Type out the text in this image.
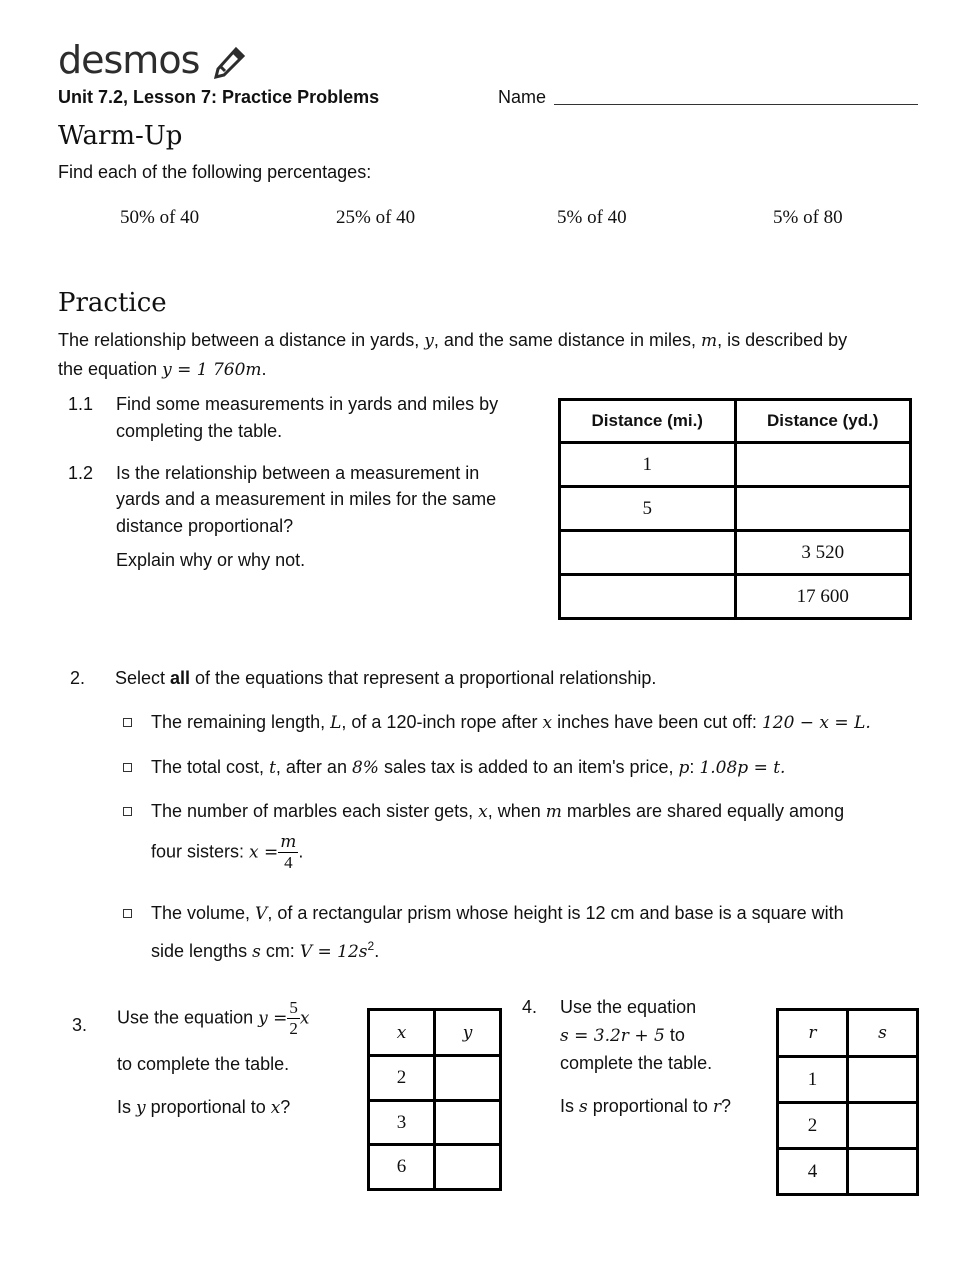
desmos
Unit 7.2, Lesson 7: Practice Problems	Name
Warm-Up
Find each of the following percentages:
50% of 40	25% of 40	5% of 40	5% of 80
Practice
The relationship between a distance in yards, y, and the same distance in miles, m, is described by
the equation y = 1 760m.
1.1 Find some measurements in yards and miles by
completing the table.
1.2 Is the relationship between a measurement in
yards and a measurement in miles for the same
distance proportional?
Explain why or why not.
Distance (mi.)	Distance (yd.)
1	
5	
	3 520
	17 600
2. Select all of the equations that represent a proportional relationship.
The remaining length, L, of a 120-inch rope after x inches have been cut off: 120 − x = L.
The total cost, t, after an 8% sales tax is added to an item's price, p: 1.08p = t.
The number of marbles each sister gets, x, when m marbles are shared equally among
four sisters: $x = \frac{m}{4}$ .
The volume, V, of a rectangular prism whose height is 12 cm and base is a square with
side lengths s cm: $V = 12s^2$.
3. Use the equation $y = \frac{5}{2}$ x
to complete the table.
Is y proportional to x?
x	y
2	
3	
6	
4. Use the equation
s = 3.2r + 5 to
complete the table.
Is s proportional to r?
r	s
1	
2	
4	
